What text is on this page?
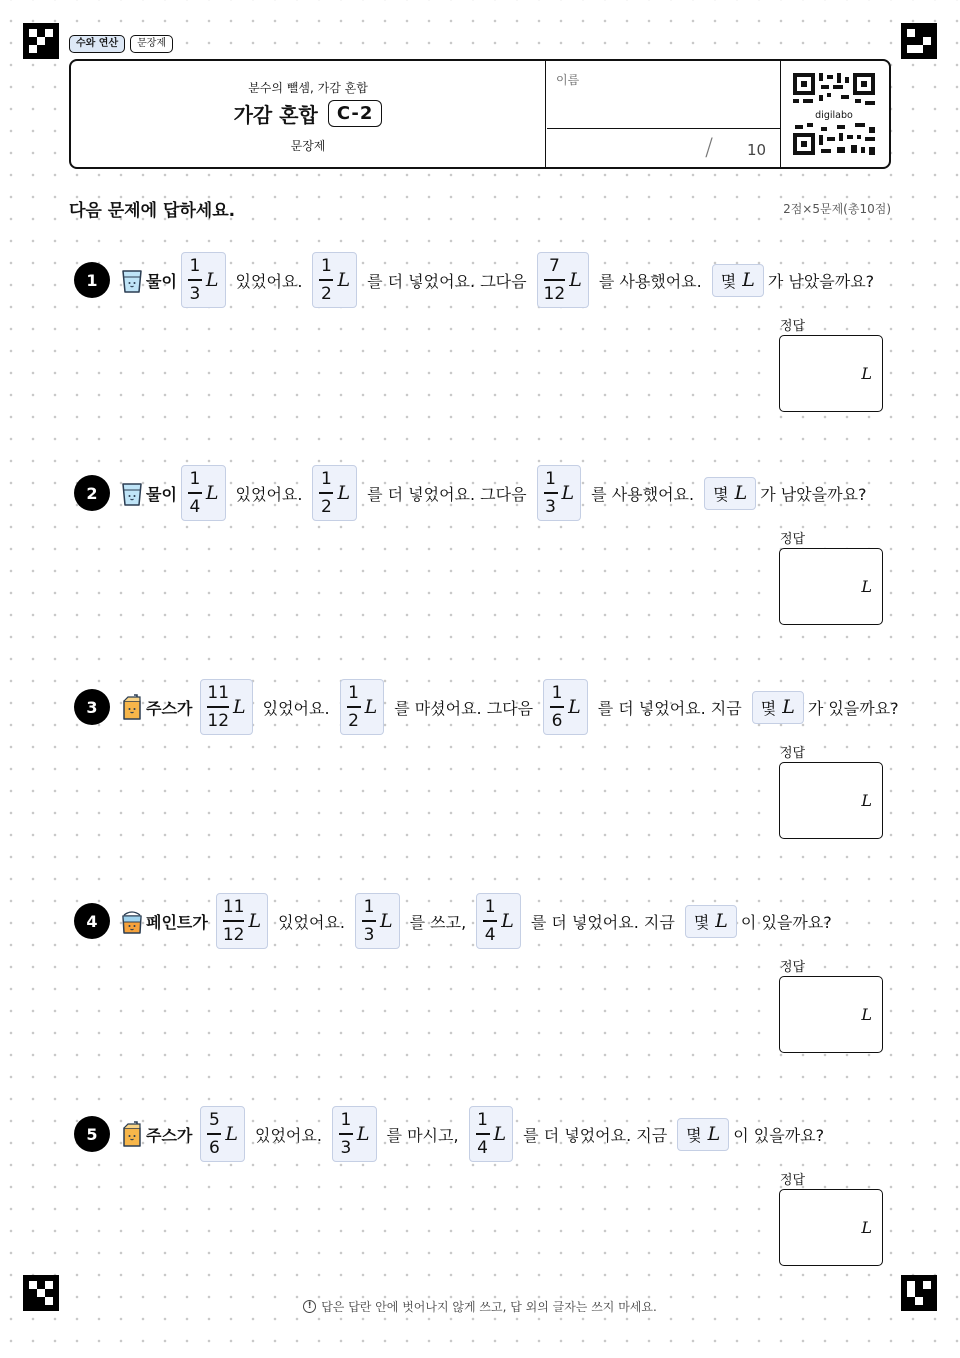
수와 연산	문장제
분수의 뺄셈, 가감 혼합
가감 혼합	C-2
문장제
이름
/ 10
digilabo
다음 문제에 답하세요.	2점×5문제(총10점)
1	물이 $\frac{1}{3}$ L 있었어요. $\frac{1}{2}$ L 를 더 넣었어요. 그다음 $\frac{7}{12}$ L 를 사용했어요. 몇 L 가 남았을까요?
정답
L
2	물이 $\frac{1}{4}$ L 있었어요. $\frac{1}{2}$ L 를 더 넣었어요. 그다음 $\frac{1}{3}$ L 를 사용했어요. 몇 L 가 남았을까요?
정답
L
3	주스가 $\frac{11}{12}$ L 있었어요. $\frac{1}{2}$ L 를 마셨어요. 그다음 $\frac{1}{6}$ L 를 더 넣었어요. 지금 몇 L 가 있을까요?
정답
L
4	페인트가 $\frac{11}{12}$ L 있었어요. $\frac{1}{3}$ L 를 쓰고, $\frac{1}{4}$ L 를 더 넣었어요. 지금 몇 L 이 있을까요?
정답
L
5	주스가 $\frac{5}{6}$ L 있었어요. $\frac{1}{3}$ L 를 마시고, $\frac{1}{4}$ L 를 더 넣었어요. 지금 몇 L 이 있을까요?
정답
L
! 답은 답란 안에 벗어나지 않게 쓰고, 답 외의 글자는 쓰지 마세요.
